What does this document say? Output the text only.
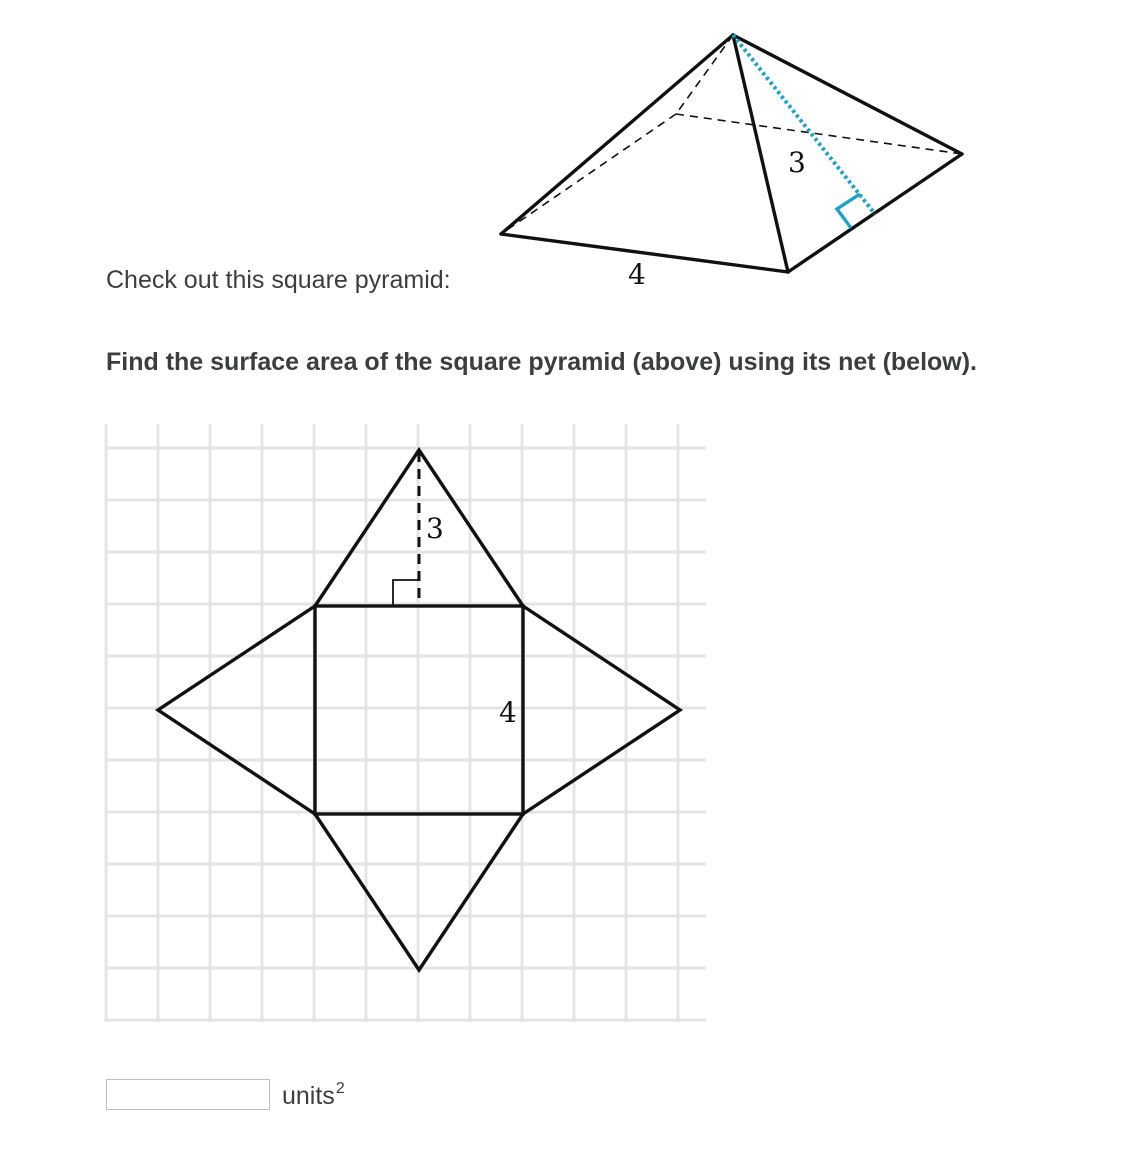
Check out this square pyramid:
3
4
Find the surface area of the square pyramid (above) using its net (below).
3
4
units$^2$
